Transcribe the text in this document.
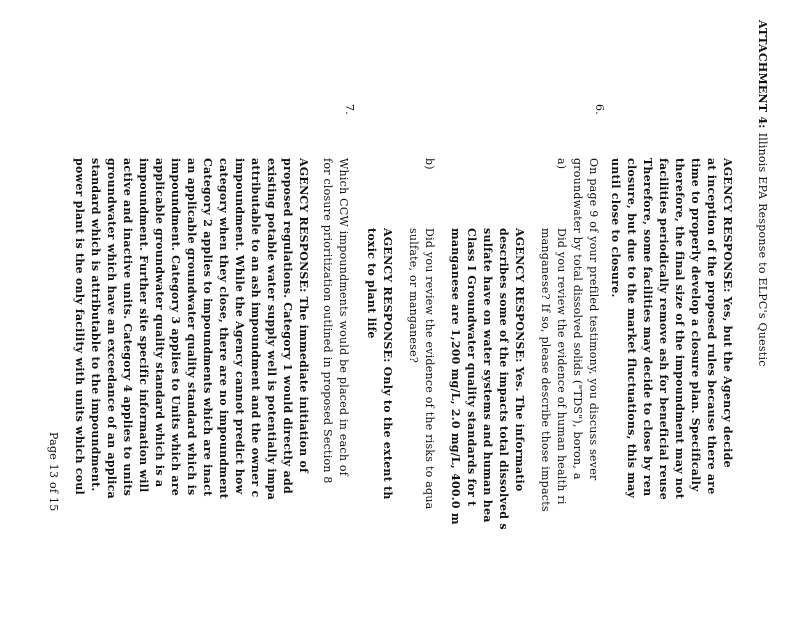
ATTACHMENT 4: Illinois EPA Response to ELPC's Questic
AGENCY RESPONSE: Yes, but the Agency decide
at inception of the proposed rules because there are
time to properly develop a closure plan. Specifically
therefore, the final size of the impoundment may not
facilities periodically remove ash for beneficial reuse
Therefore, some facilities may decide to close by ren
closure, but due to the market fluctuations, this may
until close to closure.
6.
On page 9 of your prefiled testimony, you discuss sever
groundwater by total dissolved solids ("TDS"), boron, a
a)
Did you review the evidence of human health ri
manganese? If so, please describe those impacts
AGENCY RESPONSE: Yes. The informatio
describes some of the impacts total dissolved s
sulfate have on water systems and human hea
Class I Groundwater quality standards for t
manganese are 1,200 mg/L, 2.0 mg/L, 400.0 m
b)
Did you review the evidence of the risks to aqua
sulfate, or manganese?
AGENCY RESPONSE: Only to the extent th
toxic to plant life
7.
Which CCW impoundments would be placed in each of
for closure prioritization outlined in proposed Section 8
AGENCY RESPONSE: The immediate initiation of
proposed regulations. Category 1 would directly add
existing potable water supply well is potentially impa
attributable to an ash impoundment and the owner c
impoundment. While the Agency cannot predict how
category when they close, there are no impoundment
Category 2 applies to impoundments which are inact
an applicable groundwater quality standard which is
impoundment. Category 3 applies to Units which are
applicable groundwater quality standard which is a
impoundment. Further site specific information will
active and inactive units. Category 4 applies to units
groundwater which have an exceedance of an applica
standard which is attributable to the impoundment.
power plant is the only facility with units which coul
Page 13 of 15
